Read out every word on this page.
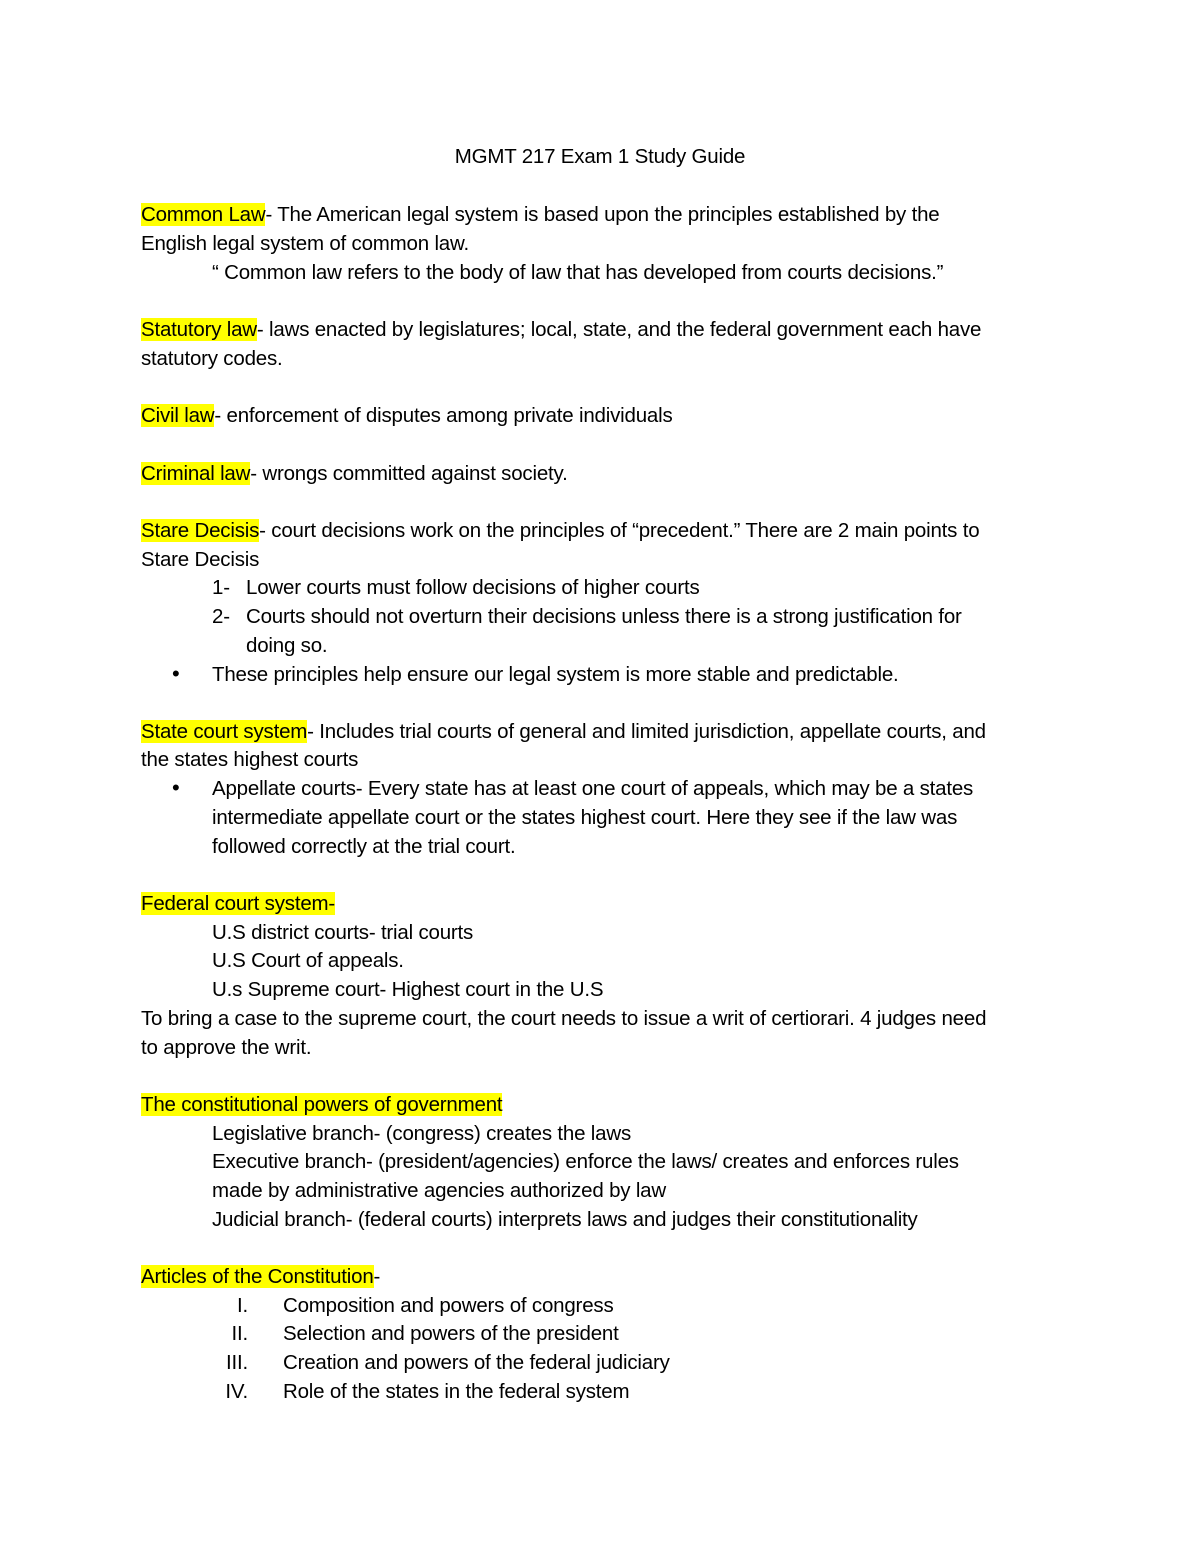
MGMT 217 Exam 1 Study Guide
Common Law- The American legal system is based upon the principles established by the
English legal system of common law.
“ Common law refers to the body of law that has developed from courts decisions.”
Statutory law- laws enacted by legislatures; local, state, and the federal government each have
statutory codes.
Civil law- enforcement of disputes among private individuals
Criminal law- wrongs committed against society.
Stare Decisis- court decisions work on the principles of “precedent.” There are 2 main points to
Stare Decisis
1- Lower courts must follow decisions of higher courts
2- Courts should not overturn their decisions unless there is a strong justification for
doing so.
• These principles help ensure our legal system is more stable and predictable.
State court system- Includes trial courts of general and limited jurisdiction, appellate courts, and
the states highest courts
• Appellate courts- Every state has at least one court of appeals, which may be a states
intermediate appellate court or the states highest court. Here they see if the law was
followed correctly at the trial court.
Federal court system-
U.S district courts- trial courts
U.S Court of appeals.
U.s Supreme court- Highest court in the U.S
To bring a case to the supreme court, the court needs to issue a writ of certiorari. 4 judges need
to approve the writ.
The constitutional powers of government
Legislative branch- (congress) creates the laws
Executive branch- (president/agencies) enforce the laws/ creates and enforces rules
made by administrative agencies authorized by law
Judicial branch- (federal courts) interprets laws and judges their constitutionality
Articles of the Constitution-
I. Composition and powers of congress
II. Selection and powers of the president
III. Creation and powers of the federal judiciary
IV. Role of the states in the federal system
